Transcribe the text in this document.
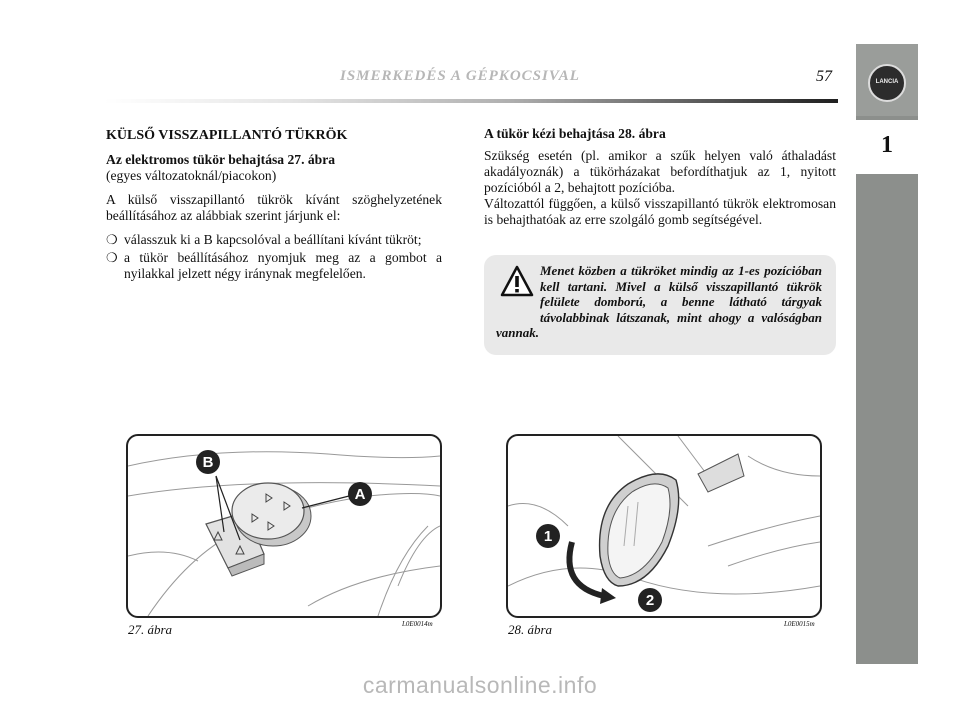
LANCIA
1
ISMERKEDÉS A GÉPKOCSIVAL	57
KÜLSŐ VISSZAPILLANTÓ TÜKRÖK
Az elektromos tükör behajtása 27. ábra
(egyes változatoknál/piacokon)
A külső visszapillantó tükrök kívánt szöghelyzetének beállításához az alábbiak szerint járjunk el:
❍ válasszuk ki a B kapcsolóval a beállítani kívánt tükröt;
❍ a tükör beállításához nyomjuk meg az a gombot a nyilakkal jelzett négy iránynak megfelelően.
A tükör kézi behajtása 28. ábra
Szükség esetén (pl. amikor a szűk helyen való áthaladást akadályoznák) a tükörházakat befordíthatjuk az 1, nyitott pozícióból a 2, behajtott pozícióba.
Változattól függően, a külső visszapillantó tükrök elektromosan is behajthatóak az erre szolgáló gomb segítségével.
Menet közben a tükröket mindig az 1-es pozícióban kell tartani. Mivel a külső visszapillantó tükrök felülete domború, a benne látható tárgyak távolabbinak látszanak, mint ahogy a valóságban vannak.
B
A
27. ábra	L0E0014m
1
2
28. ábra	L0E0015m
carmanualsonline.info
